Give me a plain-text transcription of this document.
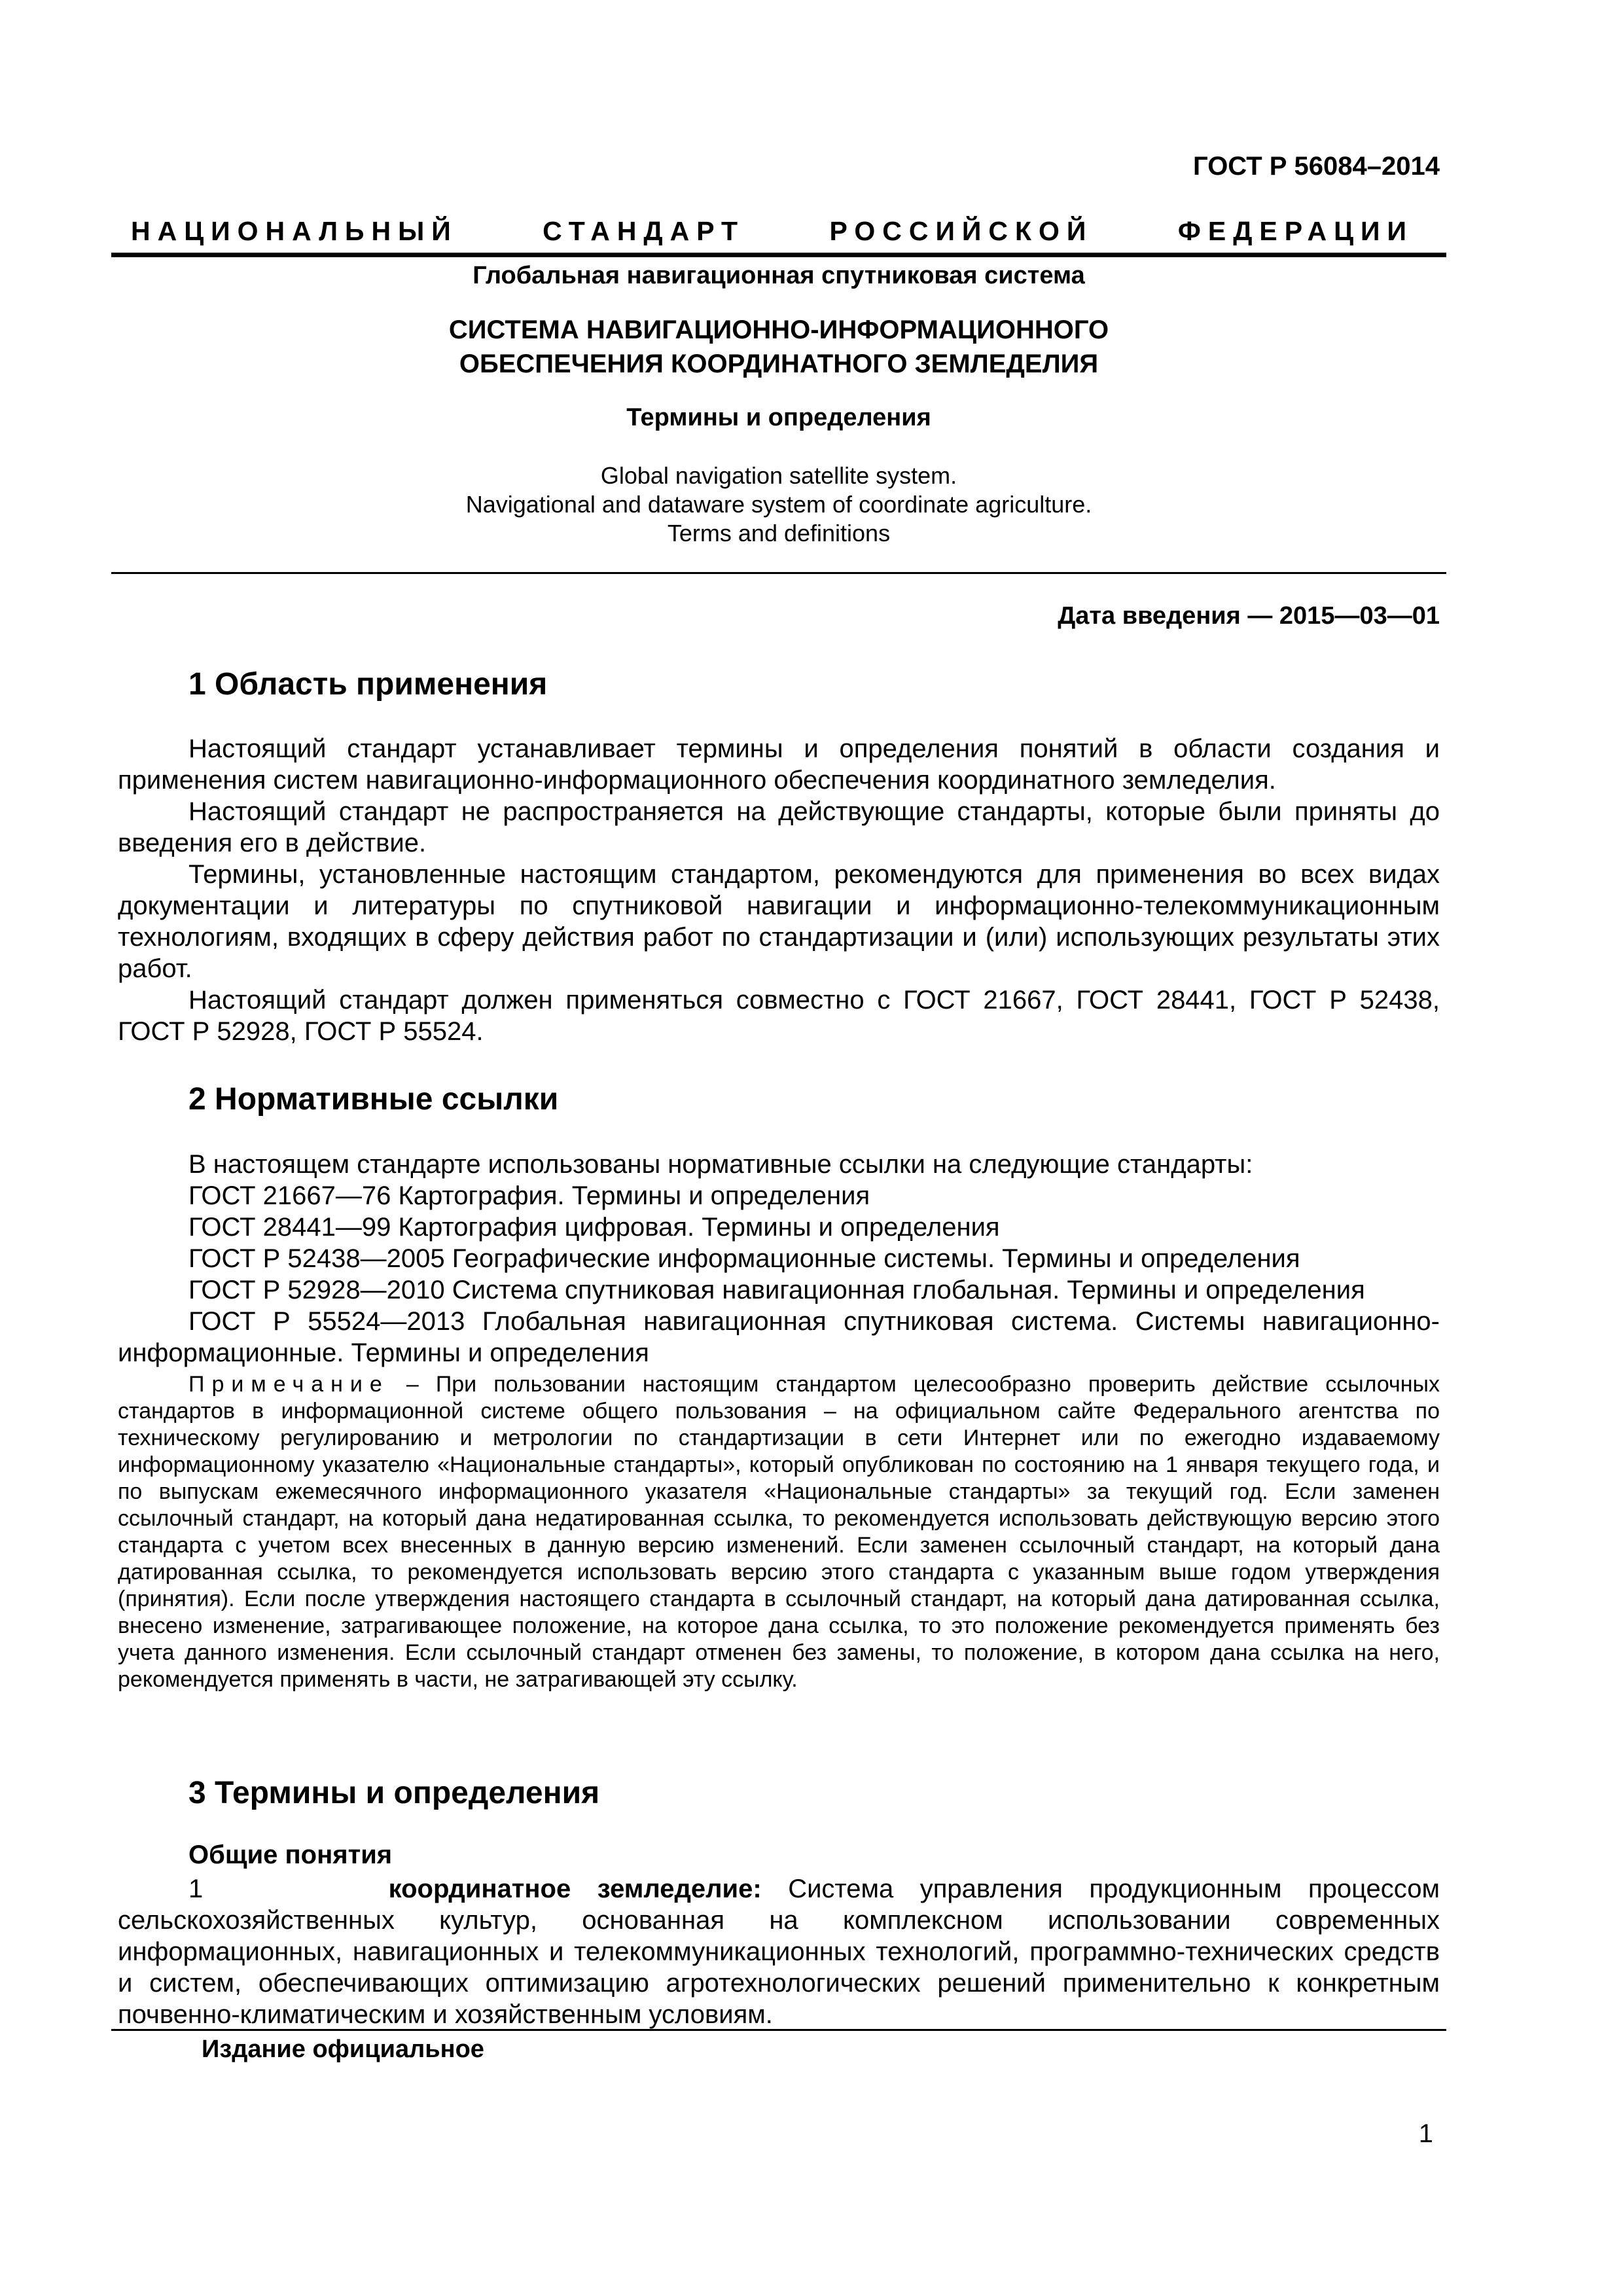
ГОСТ Р 56084–2014
НАЦИОНАЛЬНЫЙ	СТАНДАРТ	РОССИЙСКОЙ	ФЕДЕРАЦИИ
Глобальная навигационная спутниковая система
СИСТЕМА НАВИГАЦИОННО-ИНФОРМАЦИОННОГО
ОБЕСПЕЧЕНИЯ КООРДИНАТНОГО ЗЕМЛЕДЕЛИЯ
Термины и определения
Global navigation satellite system.
Navigational and dataware system of coordinate agriculture.
Terms and definitions
Дата введения — 2015—03—01
1 Область применения

Настоящий стандарт устанавливает термины и определения понятий в области создания и применения систем навигационно-информационного обеспечения координатного земледелия.

Настоящий стандарт не распространяется на действующие стандарты, которые были приняты до введения его в действие.

Термины, установленные настоящим стандартом, рекомендуются для применения во всех видах документации и литературы по спутниковой навигации и информационно-телекоммуникационным технологиям, входящих в сферу действия работ по стандартизации и (или) использующих результаты этих работ.

Настоящий стандарт должен применяться совместно с ГОСТ 21667, ГОСТ 28441, ГОСТ Р 52438, ГОСТ Р 52928, ГОСТ Р 55524.

2 Нормативные ссылки

В настоящем стандарте использованы нормативные ссылки на следующие стандарты:

ГОСТ 21667—76 Картография. Термины и определения

ГОСТ 28441—99 Картография цифровая. Термины и определения

ГОСТ Р 52438—2005 Географические информационные системы. Термины и определения

ГОСТ Р 52928—2010 Система спутниковая навигационная глобальная. Термины и определения

ГОСТ Р 55524—2013 Глобальная навигационная спутниковая система. Системы навигационно-информационные. Термины и определения

Примечание – При пользовании настоящим стандартом целесообразно проверить действие ссылочных стандартов в информационной системе общего пользования – на официальном сайте Федерального агентства по техническому регулированию и метрологии по стандартизации в сети Интернет или по ежегодно издаваемому информационному указателю «Национальные стандарты», который опубликован по состоянию на 1 января текущего года, и по выпускам ежемесячного информационного указателя «Национальные стандарты» за текущий год. Если заменен ссылочный стандарт, на который дана недатированная ссылка, то рекомендуется использовать действующую версию этого стандарта с учетом всех внесенных в данную версию изменений. Если заменен ссылочный стандарт, на который дана датированная ссылка, то рекомендуется использовать версию этого стандарта с указанным выше годом утверждения (принятия). Если после утверждения настоящего стандарта в ссылочный стандарт, на который дана датированная ссылка, внесено изменение, затрагивающее положение, на которое дана ссылка, то это положение рекомендуется применять без учета данного изменения. Если ссылочный стандарт отменен без замены, то положение, в котором дана ссылка на него, рекомендуется применять в части, не затрагивающей эту ссылку.
3 Термины и определения
Общие понятия

1	координатное земледелие: Система управления продукционным процессом сельскохозяйственных культур, основанная на комплексном использовании современных информационных, навигационных и телекоммуникационных технологий, программно-технических средств и систем, обеспечивающих оптимизацию агротехнологических решений применительно к конкретным почвенно-климатическим и хозяйственным условиям.

Издание официальное
1
